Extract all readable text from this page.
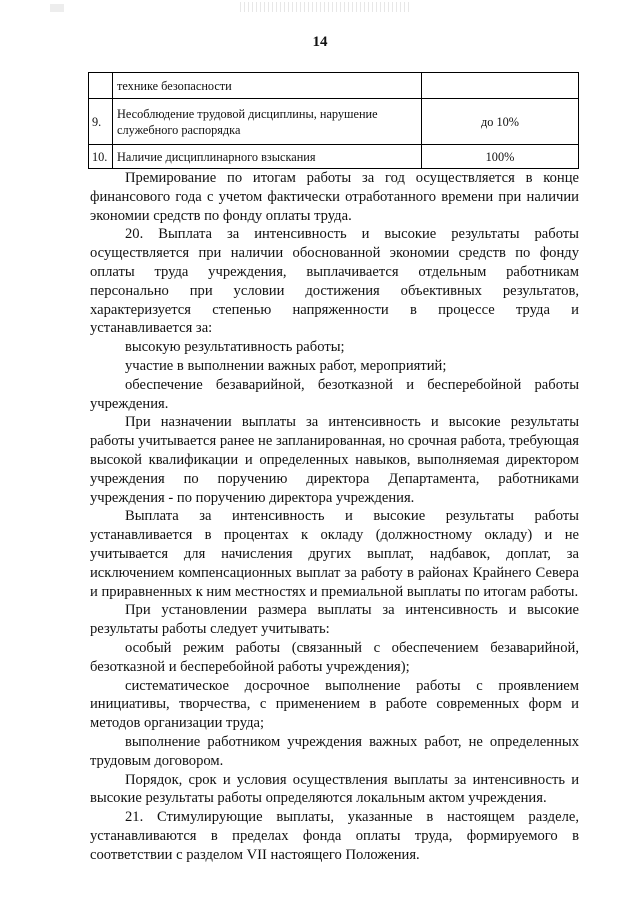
14
	технике безопасности	
9.	Несоблюдение трудовой дисциплины, нарушение служебного распорядка	до 10%
10.	Наличие дисциплинарного взыскания	100%

Премирование по итогам работы за год осуществляется в конце финансового года с учетом фактически отработанного времени при наличии экономии средств по фонду оплаты труда.

20. Выплата за интенсивность и высокие результаты работы осуществляется при наличии обоснованной экономии средств по фонду оплаты труда учреждения, выплачивается отдельным работникам персонально при условии достижения объективных результатов, характеризуется степенью напряженности в процессе труда и устанавливается за:

высокую результативность работы;

участие в выполнении важных работ, мероприятий;

обеспечение безаварийной, безотказной и бесперебойной работы учреждения.

При назначении выплаты за интенсивность и высокие результаты работы учитывается ранее не запланированная, но срочная работа, требующая высокой квалификации и определенных навыков, выполняемая директором учреждения по поручению директора Департамента, работниками учреждения - по поручению директора учреждения.

Выплата за интенсивность и высокие результаты работы устанавливается в процентах к окладу (должностному окладу) и не учитывается для начисления других выплат, надбавок, доплат, за исключением компенсационных выплат за работу в районах Крайнего Севера и приравненных к ним местностях и премиальной выплаты по итогам работы.

При установлении размера выплаты за интенсивность и высокие результаты работы следует учитывать:

особый режим работы (связанный с обеспечением безаварийной, безотказной и бесперебойной работы учреждения);

систематическое досрочное выполнение работы с проявлением инициативы, творчества, с применением в работе современных форм и методов организации труда;

выполнение работником учреждения важных работ, не определенных трудовым договором.

Порядок, срок и условия осуществления выплаты за интенсивность и высокие результаты работы определяются локальным актом учреждения.

21. Стимулирующие выплаты, указанные в настоящем разделе, устанавливаются в пределах фонда оплаты труда, формируемого в соответствии с разделом VII настоящего Положения.
